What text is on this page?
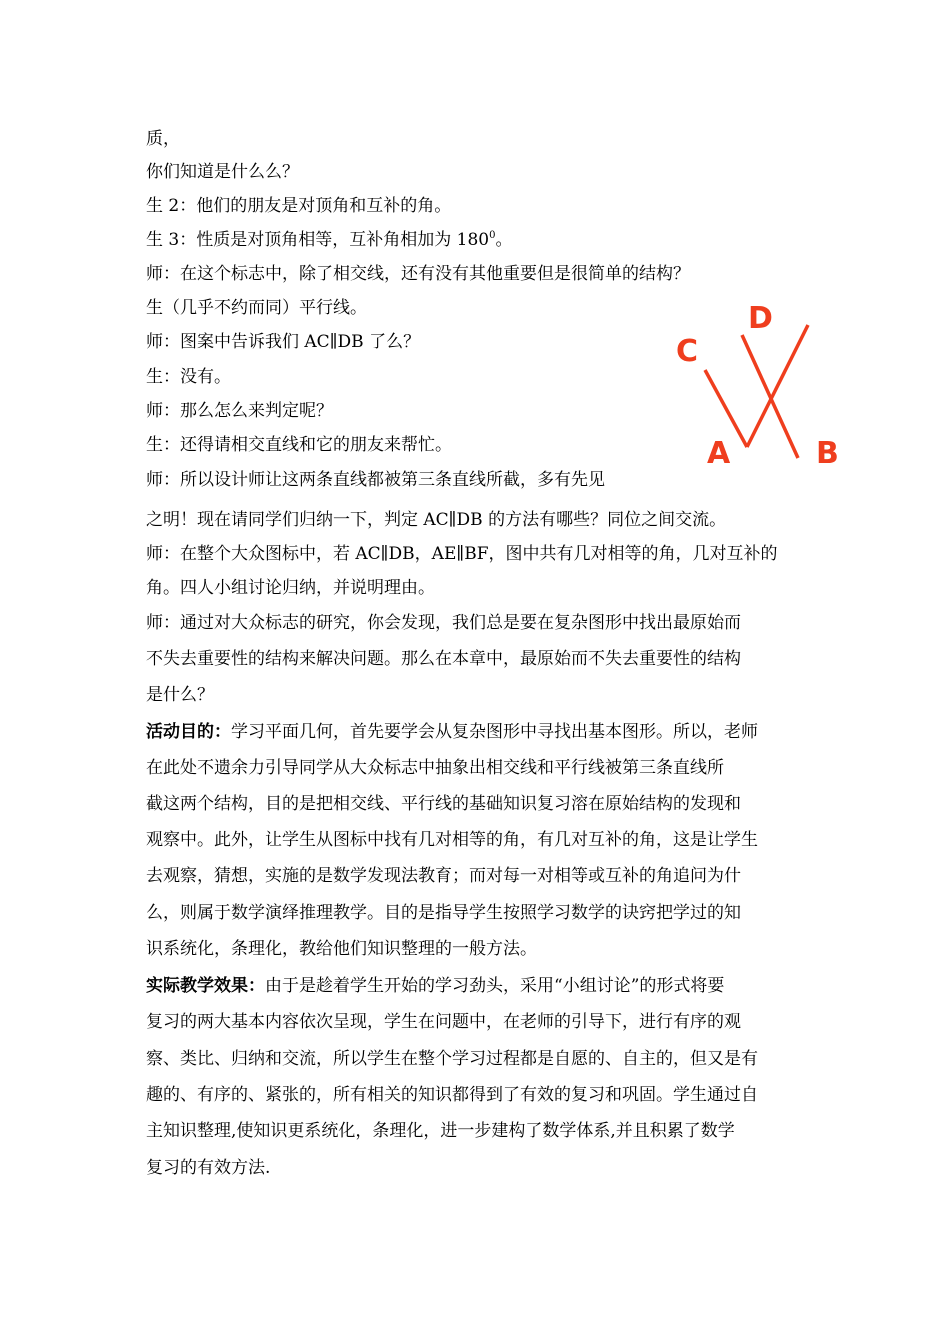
质，
你们知道是什么么？
生 2：他们的朋友是对顶角和互补的角。
生 3：性质是对顶角相等，互补角相加为 $180^0$。
师：在这个标志中，除了相交线，还有没有其他重要但是很简单的结构？
生（几乎不约而同）平行线。
师：图案中告诉我们 AC∥DB 了么？
生：没有。
师：那么怎么来判定呢？
生：还得请相交直线和它的朋友来帮忙。
师：所以设计师让这两条直线都被第三条直线所截，多有先见
之明！现在请同学们归纳一下，判定 AC∥DB 的方法有哪些？同位之间交流。
师：在整个大众图标中，若 AC∥DB，AE∥BF，图中共有几对相等的角，几对互补的
角。四人小组讨论归纳，并说明理由。
师：通过对大众标志的研究，你会发现，我们总是要在复杂图形中找出最原始而
不失去重要性的结构来解决问题。那么在本章中，最原始而不失去重要性的结构
是什么？
活动目的：学习平面几何，首先要学会从复杂图形中寻找出基本图形。所以，老师
在此处不遗余力引导同学从大众标志中抽象出相交线和平行线被第三条直线所
截这两个结构，目的是把相交线、平行线的基础知识复习溶在原始结构的发现和
观察中。此外，让学生从图标中找有几对相等的角，有几对互补的角，这是让学生
去观察，猜想，实施的是数学发现法教育；而对每一对相等或互补的角追问为什
么，则属于数学演绎推理教学。目的是指导学生按照学习数学的诀窍把学过的知
识系统化，条理化，教给他们知识整理的一般方法。
实际教学效果：由于是趁着学生开始的学习劲头，采用“小组讨论”的形式将要
复习的两大基本内容依次呈现，学生在问题中，在老师的引导下，进行有序的观
察、类比、归纳和交流，所以学生在整个学习过程都是自愿的、自主的，但又是有
趣的、有序的、紧张的，所有相关的知识都得到了有效的复习和巩固。学生通过自
主知识整理,使知识更系统化，条理化，进一步建构了数学体系,并且积累了数学
复习的有效方法.
C
D
A	B
